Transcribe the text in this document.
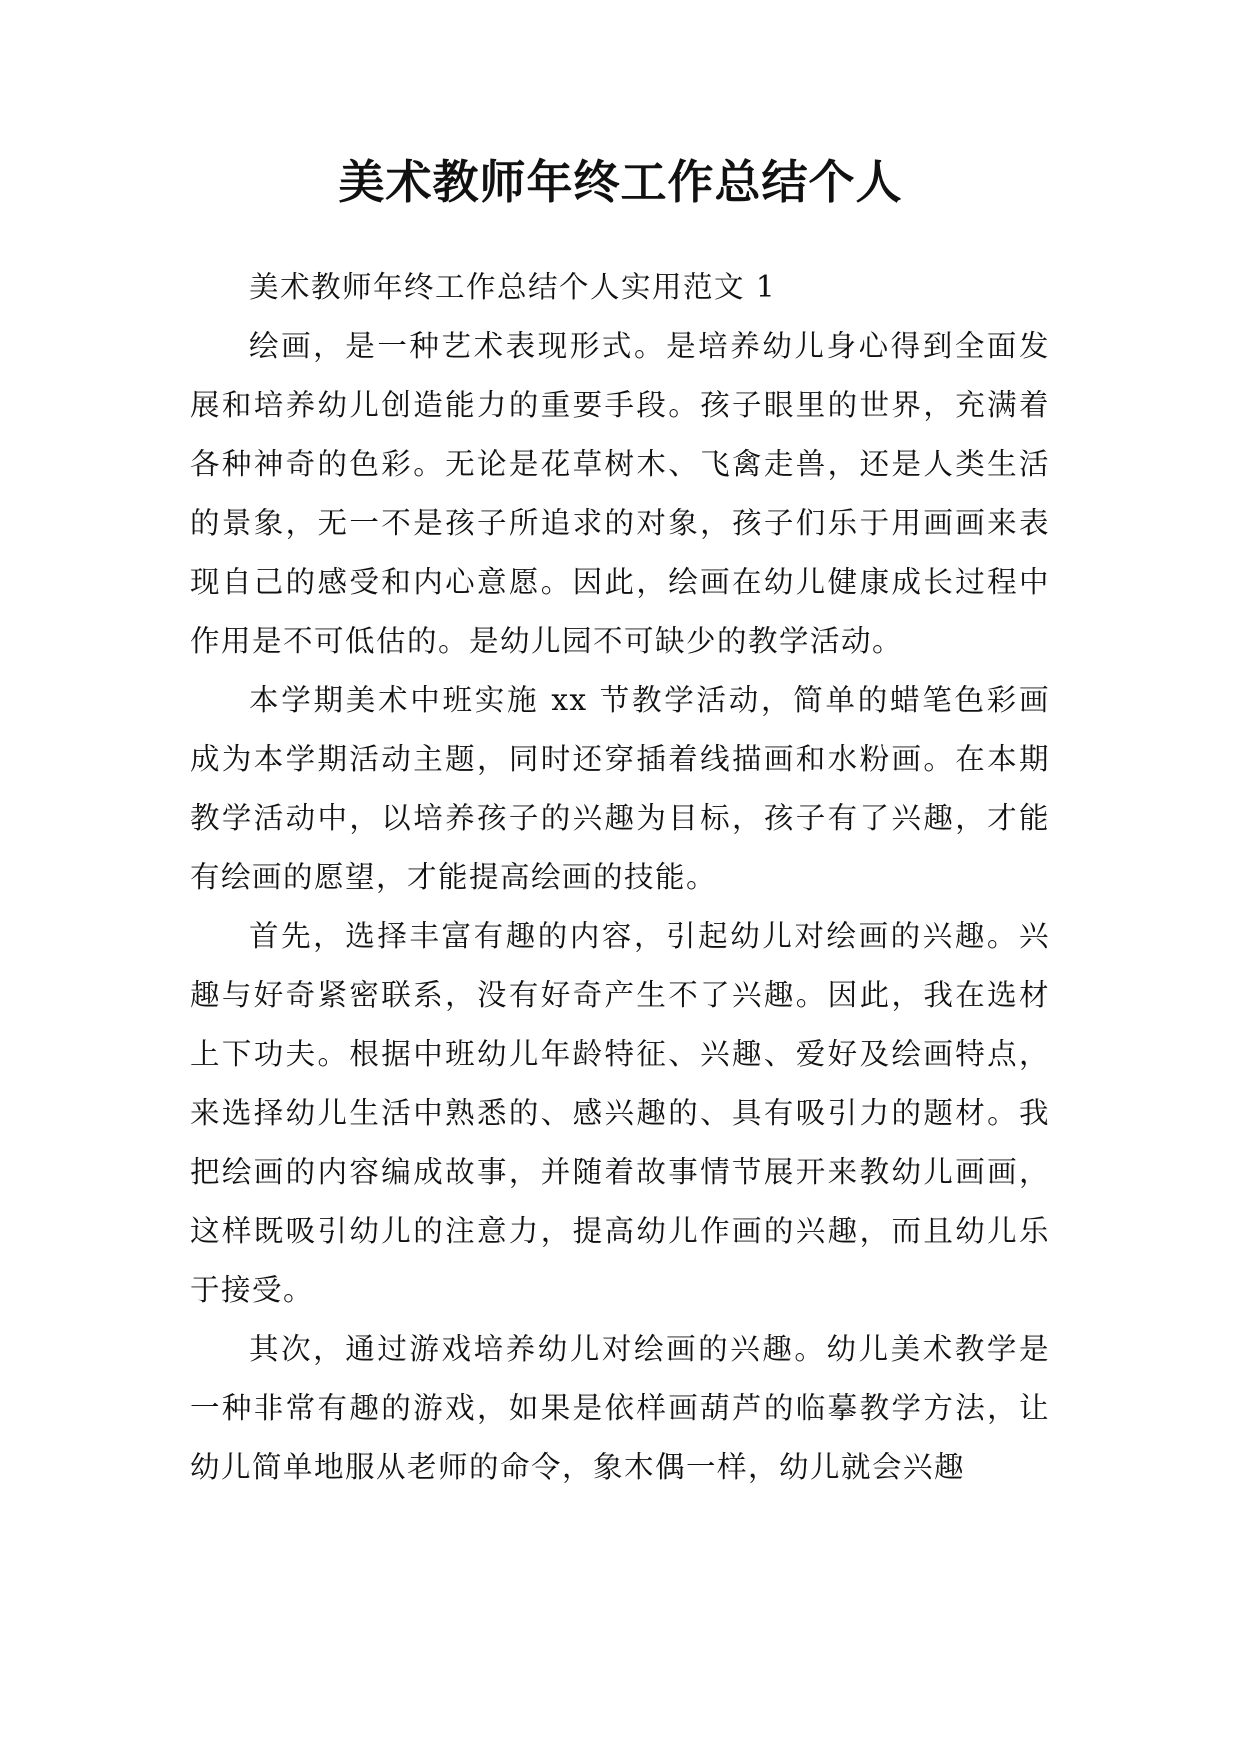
美术教师年终工作总结个人

美术教师年终工作总结个人实用范文 1

绘画，是一种艺术表现形式。是培养幼儿身心得到全面发展和培养幼儿创造能力的重要手段。孩子眼里的世界，充满着各种神奇的色彩。无论是花草树木、飞禽走兽，还是人类生活的景象，无一不是孩子所追求的对象，孩子们乐于用画画来表现自己的感受和内心意愿。因此，绘画在幼儿健康成长过程中作用是不可低估的。是幼儿园不可缺少的教学活动。

本学期美术中班实施 xx 节教学活动，简单的蜡笔色彩画成为本学期活动主题，同时还穿插着线描画和水粉画。在本期教学活动中，以培养孩子的兴趣为目标，孩子有了兴趣，才能有绘画的愿望，才能提高绘画的技能。

首先，选择丰富有趣的内容，引起幼儿对绘画的兴趣。兴趣与好奇紧密联系，没有好奇产生不了兴趣。因此，我在选材上下功夫。根据中班幼儿年龄特征、兴趣、爱好及绘画特点，来选择幼儿生活中熟悉的、感兴趣的、具有吸引力的题材。我把绘画的内容编成故事，并随着故事情节展开来教幼儿画画，这样既吸引幼儿的注意力，提高幼儿作画的兴趣，而且幼儿乐于接受。

其次，通过游戏培养幼儿对绘画的兴趣。幼儿美术教学是一种非常有趣的游戏，如果是依样画葫芦的临摹教学方法，让幼儿简单地服从老师的命令，象木偶一样，幼儿就会兴趣
